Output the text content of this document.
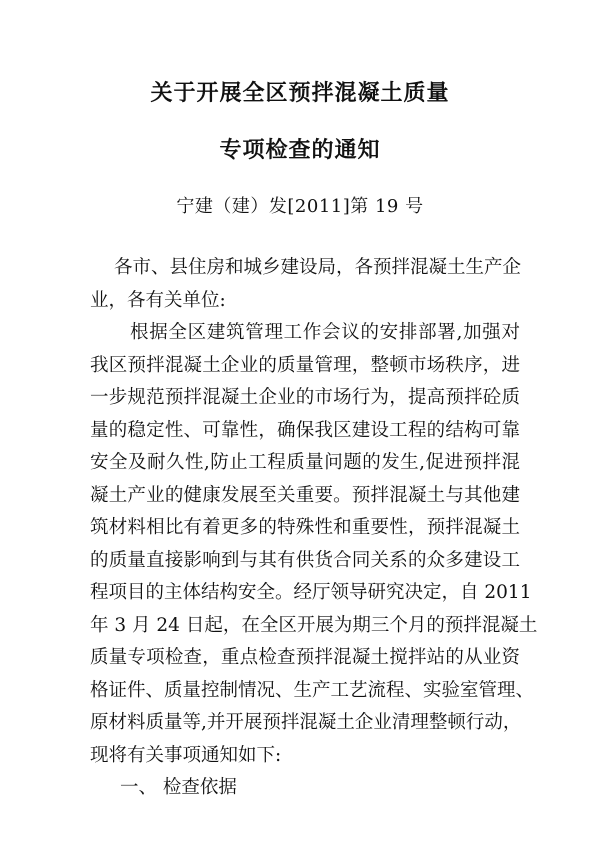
关于开展全区预拌混凝土质量
专项检查的通知
宁建（建）发[2011]第 19 号
各市、县住房和城乡建设局，各预拌混凝土生产企
业，各有关单位:
根据全区建筑管理工作会议的安排部署,加强对
我区预拌混凝土企业的质量管理，整顿市场秩序，进
一步规范预拌混凝土企业的市场行为，提高预拌砼质
量的稳定性、可靠性，确保我区建设工程的结构可靠
安全及耐久性,防止工程质量问题的发生,促进预拌混
凝土产业的健康发展至关重要。预拌混凝土与其他建
筑材料相比有着更多的特殊性和重要性，预拌混凝土
的质量直接影响到与其有供货合同关系的众多建设工
程项目的主体结构安全。经厅领导研究决定，自 2011
年 3 月 24 日起，在全区开展为期三个月的预拌混凝土
质量专项检查，重点检查预拌混凝土搅拌站的从业资
格证件、质量控制情况、生产工艺流程、实验室管理、
原材料质量等,并开展预拌混凝土企业清理整顿行动，
现将有关事项通知如下:
一、 检查依据
